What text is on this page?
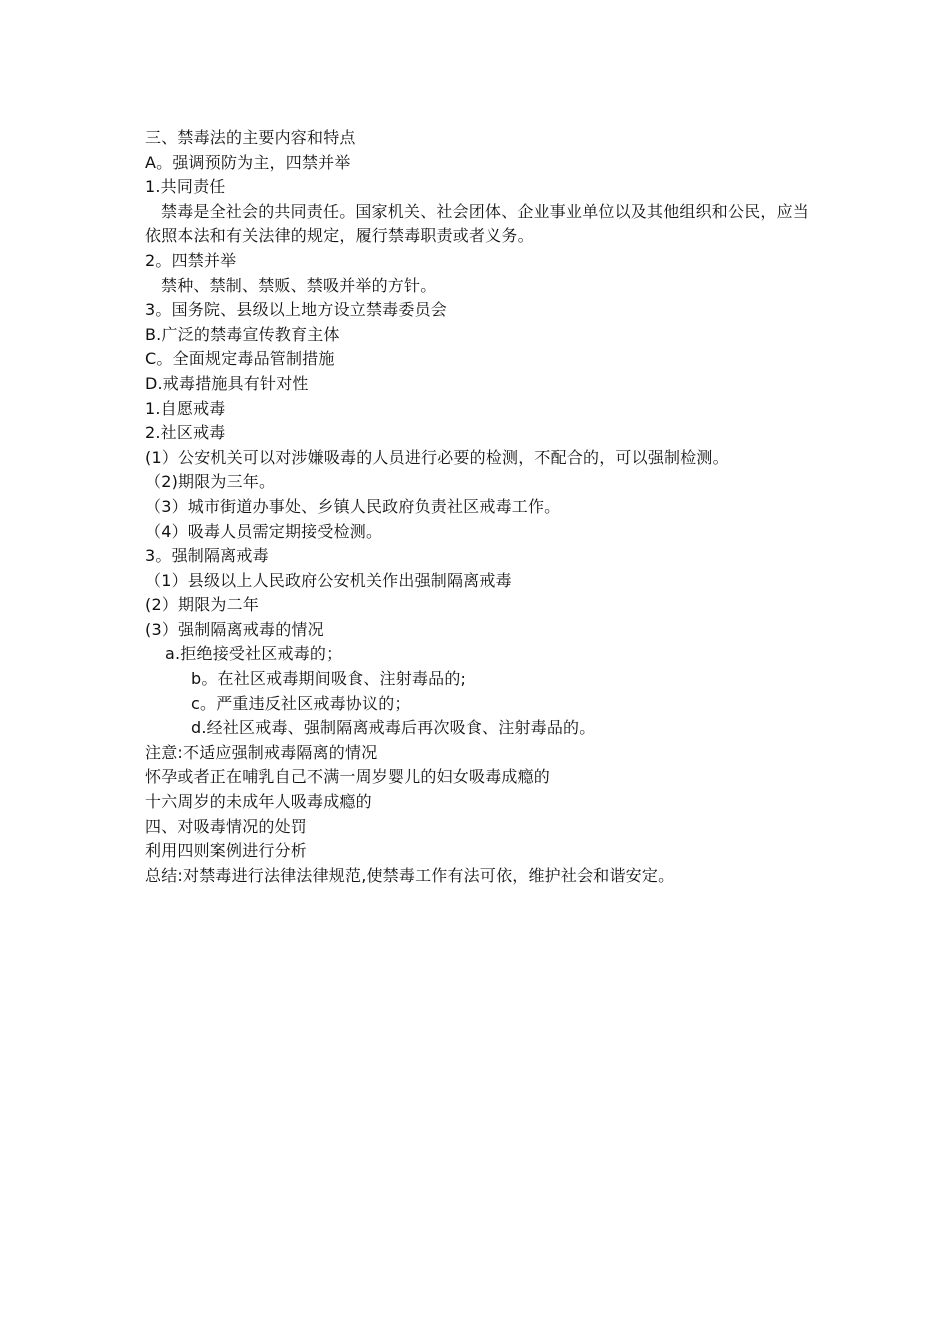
三、禁毒法的主要内容和特点
A。强调预防为主，四禁并举
1.共同责任
禁毒是全社会的共同责任。国家机关、社会团体、企业事业单位以及其他组织和公民，应当依照本法和有关法律的规定，履行禁毒职责或者义务。
2。四禁并举
禁种、禁制、禁贩、禁吸并举的方针。
3。国务院、县级以上地方设立禁毒委员会
B.广泛的禁毒宣传教育主体
C。全面规定毒品管制措施
D.戒毒措施具有针对性
1.自愿戒毒
2.社区戒毒
(1）公安机关可以对涉嫌吸毒的人员进行必要的检测，不配合的，可以强制检测。
（2)期限为三年。
（3）城市街道办事处、乡镇人民政府负责社区戒毒工作。
（4）吸毒人员需定期接受检测。
3。强制隔离戒毒
（1）县级以上人民政府公安机关作出强制隔离戒毒
(2）期限为二年
(3）强制隔离戒毒的情况
a.拒绝接受社区戒毒的；
b。在社区戒毒期间吸食、注射毒品的;
c。严重违反社区戒毒协议的；
d.经社区戒毒、强制隔离戒毒后再次吸食、注射毒品的。
注意:不适应强制戒毒隔离的情况
怀孕或者正在哺乳自己不满一周岁婴儿的妇女吸毒成瘾的
十六周岁的未成年人吸毒成瘾的
四、对吸毒情况的处罚
利用四则案例进行分析
总结:对禁毒进行法律法律规范,使禁毒工作有法可依，维护社会和谐安定。
